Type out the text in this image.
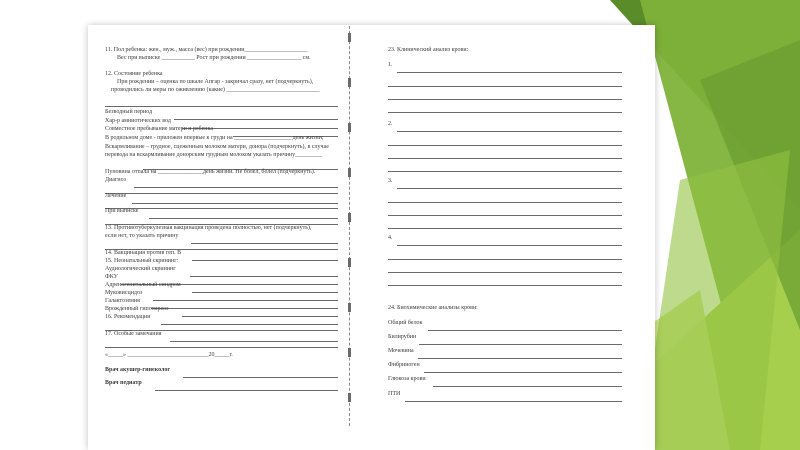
11. Пол ребенка: жен., муж., масса (вес) при рождении_____________________
Вес при выписке ___________ Рост при рождении __________________ см.
12. Состояние ребенка
При рождении – оценка по шкале Апгар - закричал сразу, нет (подчеркнуть),
проводились ли меры по оживлению (какие) _______________________________
Безводный период
Хар-р амниотических вод
Совместное пребывание матери и ребенка
В родильном доме - приложен впервые к груди на ___________________ день жизни;
Вскармливание – грудное, сцеженным молоком матери, донора (подчеркнуть), в случае
перевода на вскармливание донорским грудным молоком указать причину_________
Пуповина отпала на _______________день жизни. Не болел, болел (подчеркнуть).
Диагноз
Лечение
При выписке
13. Противотуберкулезная вакцинация проведена полностью, нет (подчеркнуть),
если нет, то указать причину
14. Вакцинация против геп. В
15. Неонатальный скрининг:
Аудиологический скрининг
ФКУ
Адреногенитальный синдром
Муковисцидоз
Галактоземия
Врожденный гипотиреоз
16. Рекомендации
17. Особые замечания
«_____» ___________________________20_____г.
Врач акушер-гинеколог
Врач педиатр
23. Клинический анализ крови:
1.
2.
3.
4.
24. Биохимические анализы крови:
Общий белок
Билирубин
Мочевина
Фибриноген
Глюкоза крови
ПТИ
